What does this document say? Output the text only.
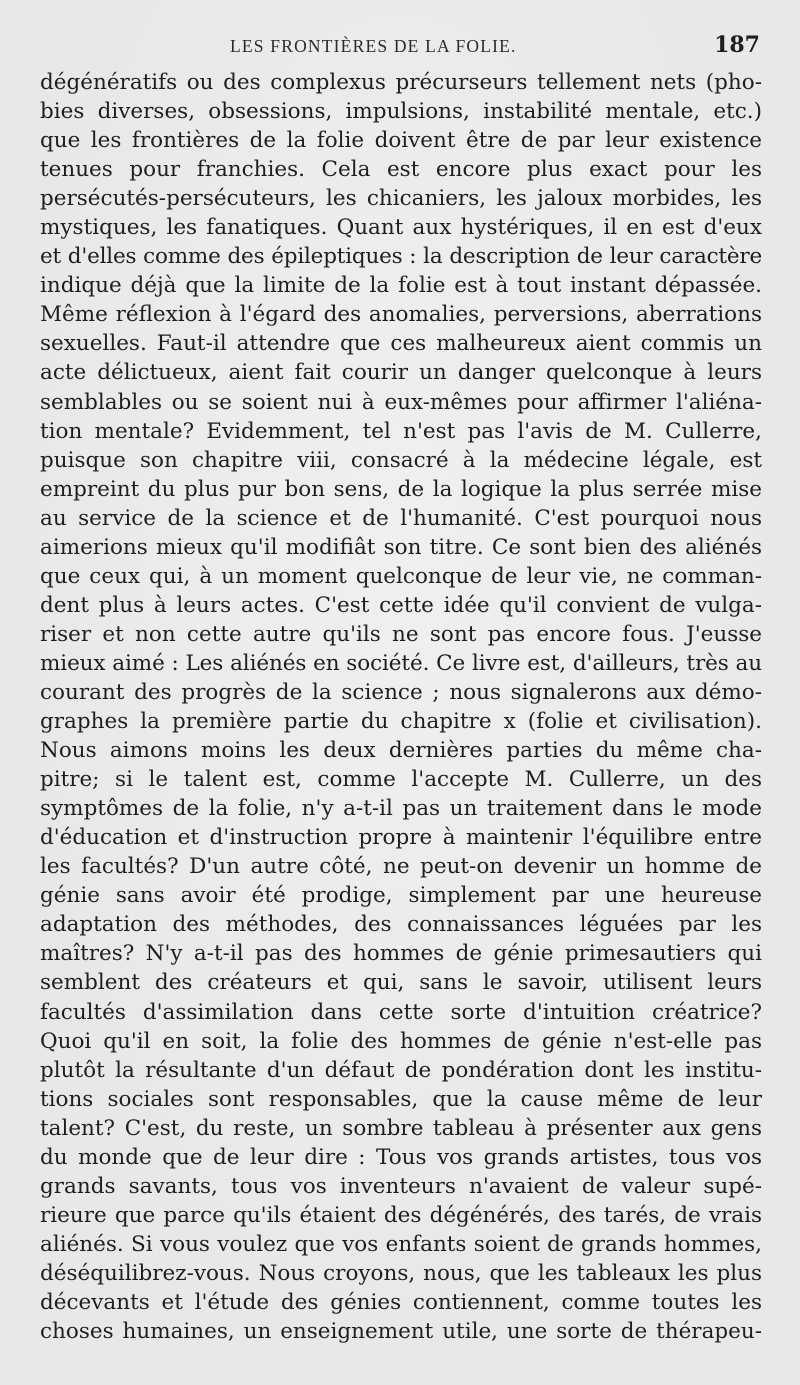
LES FRONTIÈRES DE LA FOLIE.	187
dégénératifs ou des complexus précurseurs tellement nets (pho-
bies diverses, obsessions, impulsions, instabilité mentale, etc.)
que les frontières de la folie doivent être de par leur existence
tenues pour franchies. Cela est encore plus exact pour les
persécutés-persécuteurs, les chicaniers, les jaloux morbides, les
mystiques, les fanatiques. Quant aux hystériques, il en est d'eux
et d'elles comme des épileptiques : la description de leur caractère
indique déjà que la limite de la folie est à tout instant dépassée.
Même réflexion à l'égard des anomalies, perversions, aberrations
sexuelles. Faut-il attendre que ces malheureux aient commis un
acte délictueux, aient fait courir un danger quelconque à leurs
semblables ou se soient nui à eux-mêmes pour affirmer l'aliéna-
tion mentale? Evidemment, tel n'est pas l'avis de M. Cullerre,
puisque son chapitre viii, consacré à la médecine légale, est
empreint du plus pur bon sens, de la logique la plus serrée mise
au service de la science et de l'humanité. C'est pourquoi nous
aimerions mieux qu'il modifiât son titre. Ce sont bien des aliénés
que ceux qui, à un moment quelconque de leur vie, ne comman-
dent plus à leurs actes. C'est cette idée qu'il convient de vulga-
riser et non cette autre qu'ils ne sont pas encore fous. J'eusse
mieux aimé : Les aliénés en société. Ce livre est, d'ailleurs, très au
courant des progrès de la science ; nous signalerons aux démo-
graphes la première partie du chapitre x (folie et civilisation).
Nous aimons moins les deux dernières parties du même cha-
pitre; si le talent est, comme l'accepte M. Cullerre, un des
symptômes de la folie, n'y a-t-il pas un traitement dans le mode
d'éducation et d'instruction propre à maintenir l'équilibre entre
les facultés? D'un autre côté, ne peut-on devenir un homme de
génie sans avoir été prodige, simplement par une heureuse
adaptation des méthodes, des connaissances léguées par les
maîtres? N'y a-t-il pas des hommes de génie primesautiers qui
semblent des créateurs et qui, sans le savoir, utilisent leurs
facultés d'assimilation dans cette sorte d'intuition créatrice?
Quoi qu'il en soit, la folie des hommes de génie n'est-elle pas
plutôt la résultante d'un défaut de pondération dont les institu-
tions sociales sont responsables, que la cause même de leur
talent? C'est, du reste, un sombre tableau à présenter aux gens
du monde que de leur dire : Tous vos grands artistes, tous vos
grands savants, tous vos inventeurs n'avaient de valeur supé-
rieure que parce qu'ils étaient des dégénérés, des tarés, de vrais
aliénés. Si vous voulez que vos enfants soient de grands hommes,
déséquilibrez-vous. Nous croyons, nous, que les tableaux les plus
décevants et l'étude des génies contiennent, comme toutes les
choses humaines, un enseignement utile, une sorte de thérapeu-
